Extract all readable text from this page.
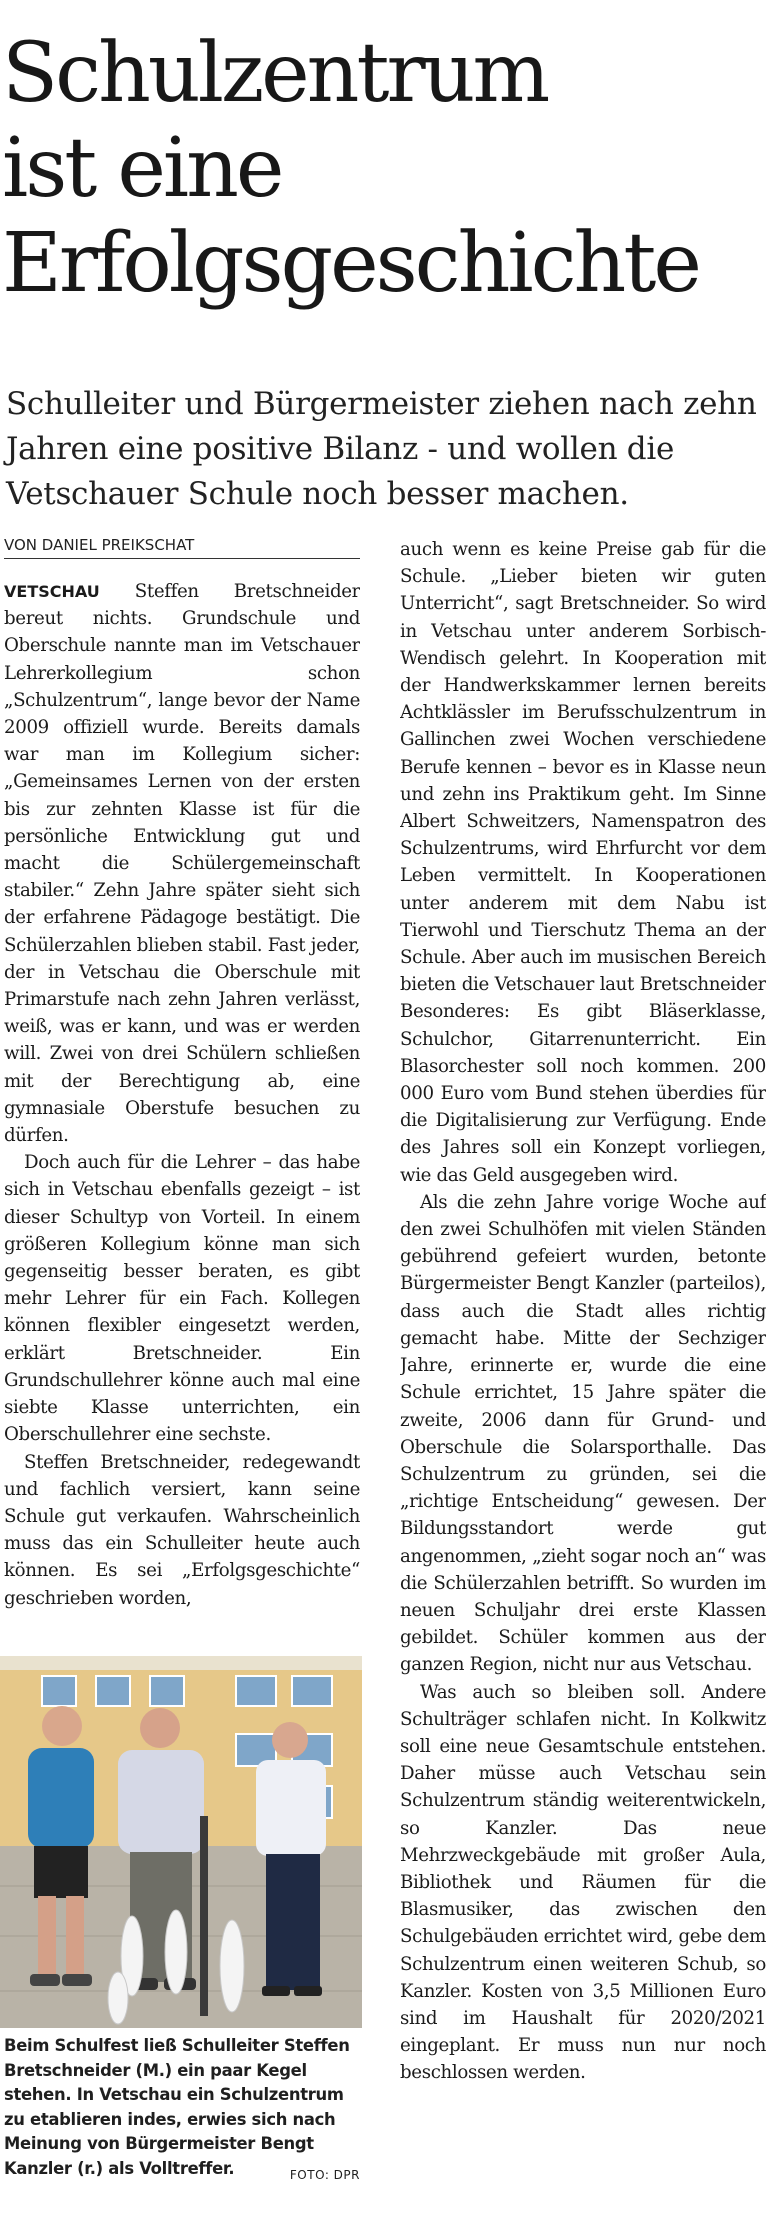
Schulzentrum
ist eine
Erfolgsgeschichte

Schulleiter und Bürgermeister ziehen nach zehn Jahren eine positive Bilanz - und wollen die Vetschauer Schule noch besser machen.

VON DANIEL PREIKSCHAT

VETSCHAU Steffen Bretschneider bereut nichts. Grundschule und Oberschule nannte man im Vetschauer Lehrerkollegium schon „Schulzentrum“, lange bevor der Name 2009 offiziell wurde. Bereits damals war man im Kollegium sicher: „Gemeinsames Lernen von der ersten bis zur zehnten Klasse ist für die persönliche Entwicklung gut und macht die Schülergemeinschaft stabiler.“ Zehn Jahre später sieht sich der erfahrene Pädagoge bestätigt. Die Schülerzahlen blieben stabil. Fast jeder, der in Vetschau die Oberschule mit Primarstufe nach zehn Jahren verlässt, weiß, was er kann, und was er werden will. Zwei von drei Schülern schließen mit der Berechtigung ab, eine gymnasiale Oberstufe besuchen zu dürfen.

Doch auch für die Lehrer – das habe sich in Vetschau ebenfalls gezeigt – ist dieser Schultyp von Vorteil. In einem größeren Kollegium könne man sich gegenseitig besser beraten, es gibt mehr Lehrer für ein Fach. Kollegen können flexibler eingesetzt werden, erklärt Bretschneider. Ein Grundschullehrer könne auch mal eine siebte Klasse unterrichten, ein Oberschullehrer eine sechste.

Steffen Bretschneider, redegewandt und fachlich versiert, kann seine Schule gut verkaufen. Wahrscheinlich muss das ein Schulleiter heute auch können. Es sei „Erfolgsgeschichte“ geschrieben worden,

Beim Schulfest ließ Schulleiter Steffen Bretschneider (M.) ein paar Kegel stehen. In Vetschau ein Schulzentrum zu etablieren indes, erwies sich nach Meinung von Bürgermeister Bengt Kanzler (r.) als Volltreffer.	FOTO: DPR

auch wenn es keine Preise gab für die Schule. „Lieber bieten wir guten Unterricht“, sagt Bretschneider. So wird in Vetschau unter anderem Sorbisch-Wendisch gelehrt. In Kooperation mit der Handwerkskammer lernen bereits Achtklässler im Berufsschulzentrum in Gallinchen zwei Wochen verschiedene Berufe kennen – bevor es in Klasse neun und zehn ins Praktikum geht. Im Sinne Albert Schweitzers, Namenspatron des Schulzentrums, wird Ehrfurcht vor dem Leben vermittelt. In Kooperationen unter anderem mit dem Nabu ist Tierwohl und Tierschutz Thema an der Schule. Aber auch im musischen Bereich bieten die Vetschauer laut Bretschneider Besonderes: Es gibt Bläserklasse, Schulchor, Gitarrenunterricht. Ein Blasorchester soll noch kommen. 200 000 Euro vom Bund stehen überdies für die Digitalisierung zur Verfügung. Ende des Jahres soll ein Konzept vorliegen, wie das Geld ausgegeben wird.

Als die zehn Jahre vorige Woche auf den zwei Schulhöfen mit vielen Ständen gebührend gefeiert wurden, betonte Bürgermeister Bengt Kanzler (parteilos), dass auch die Stadt alles richtig gemacht habe. Mitte der Sechziger Jahre, erinnerte er, wurde die eine Schule errichtet, 15 Jahre später die zweite, 2006 dann für Grund- und Oberschule die Solarsporthalle. Das Schulzentrum zu gründen, sei die „richtige Entscheidung“ gewesen. Der Bildungsstandort werde gut angenommen, „zieht sogar noch an“ was die Schülerzahlen betrifft. So wurden im neuen Schuljahr drei erste Klassen gebildet. Schüler kommen aus der ganzen Region, nicht nur aus Vetschau.

Was auch so bleiben soll. Andere Schulträger schlafen nicht. In Kolkwitz soll eine neue Gesamtschule entstehen. Daher müsse auch Vetschau sein Schulzentrum ständig weiterentwickeln, so Kanzler. Das neue Mehrzweckgebäude mit großer Aula, Bibliothek und Räumen für die Blasmusiker, das zwischen den Schulgebäuden errichtet wird, gebe dem Schulzentrum einen weiteren Schub, so Kanzler. Kosten von 3,5 Millionen Euro sind im Haushalt für 2020/2021 eingeplant. Er muss nun nur noch beschlossen werden.
